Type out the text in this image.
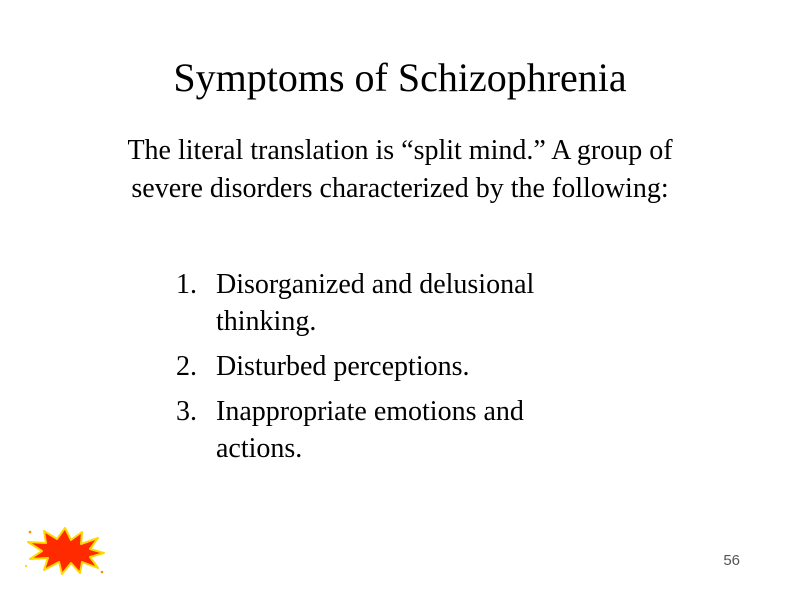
Symptoms of Schizophrenia
The literal translation is “split mind.” A group of
severe disorders characterized by the following:
1. Disorganized and delusional
thinking.
2. Disturbed perceptions.
3. Inappropriate emotions and
actions.
56
